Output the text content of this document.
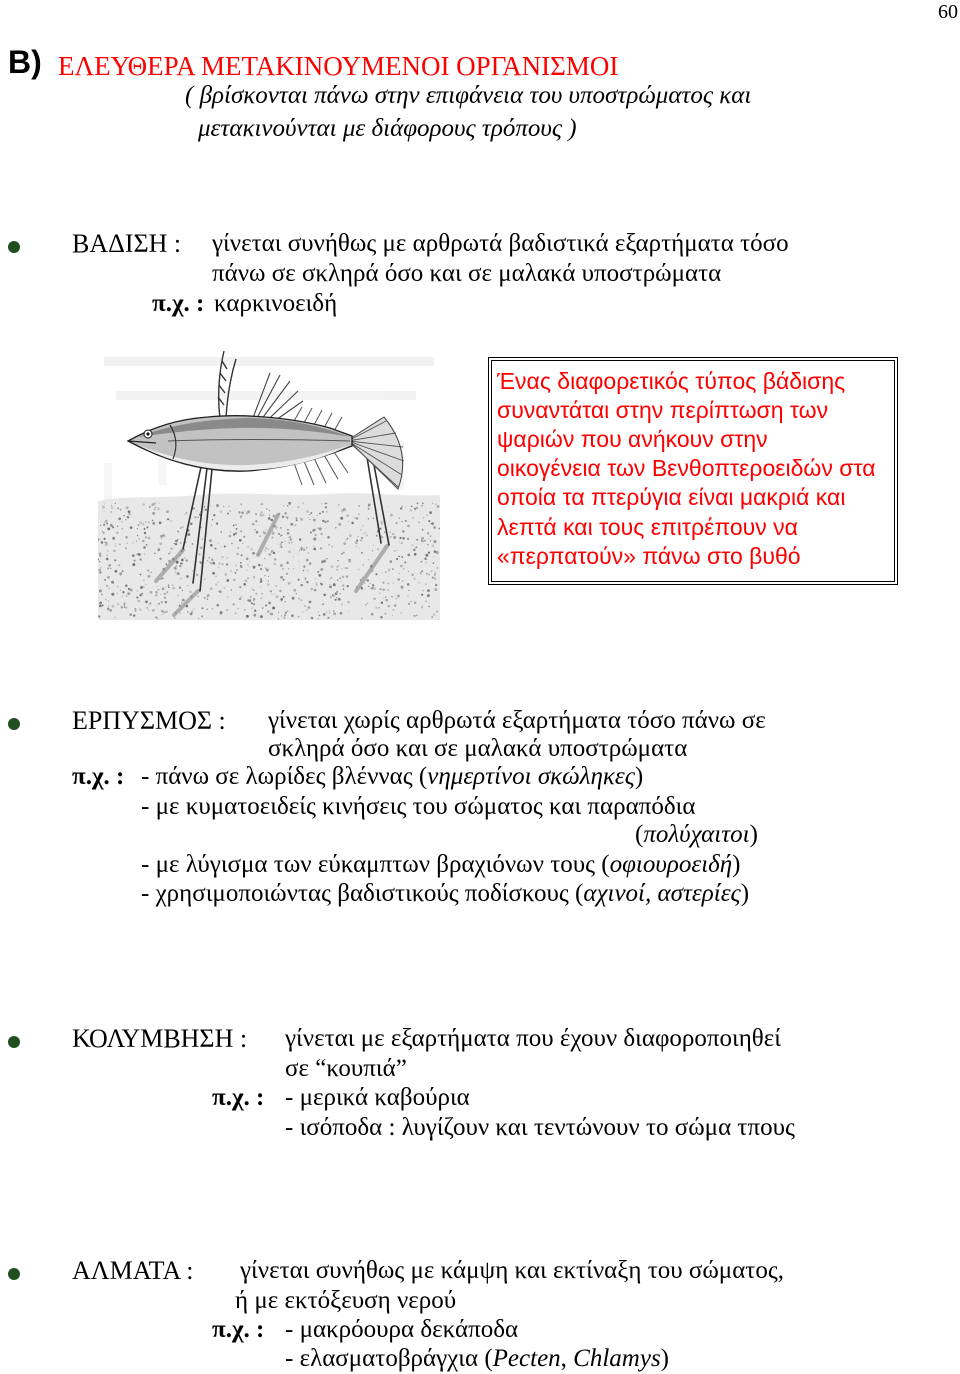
60
B) ΕΛΕΥΘΕΡΑ ΜΕΤΑΚΙΝΟΥΜΕΝΟΙ ΟΡΓΑΝΙΣΜΟΙ
( βρίσκονται πάνω στην επιφάνεια του υποστρώματος και
μετακινούνται με διάφορους τρόπους )
ΒΑΔΙΣΗ : γίνεται συνήθως με αρθρωτά βαδιστικά εξαρτήματα τόσο
πάνω σε σκληρά όσο και σε μαλακά υποστρώματα
π.χ. : καρκινοειδή
Ένας διαφορετικός τύπος βάδισης
συναντάται στην περίπτωση των
ψαριών που ανήκουν στην
οικογένεια των Βενθοπτεροειδών στα
οποία τα πτερύγια είναι μακριά και
λεπτά και τους επιτρέπουν να
«περπατούν» πάνω στο βυθό
ΕΡΠΥΣΜΟΣ : γίνεται χωρίς αρθρωτά εξαρτήματα τόσο πάνω σε
σκληρά όσο και σε μαλακά υποστρώματα
π.χ. : - πάνω σε λωρίδες βλέννας (νημερτίνοι σκώληκες)
- με κυματοειδείς κινήσεις του σώματος και παραπόδια
(πολύχαιτοι)
- με λύγισμα των εύκαμπτων βραχιόνων τους (οφιουροειδή)
- χρησιμοποιώντας βαδιστικούς ποδίσκους (αχινοί, αστερίες)
ΚΟΛΥΜΒΗΣΗ : γίνεται με εξαρτήματα που έχουν διαφοροποιηθεί
σε “κουπιά”
π.χ. : - μερικά καβούρια
- ισόποδα : λυγίζουν και τεντώνουν το σώμα τπους
ΑΛΜΑΤΑ : γίνεται συνήθως με κάμψη και εκτίναξη του σώματος,
ή με εκτόξευση νερού
π.χ. : - μακρόουρα δεκάποδα
- ελασματοβράγχια (Pecten, Chlamys)
